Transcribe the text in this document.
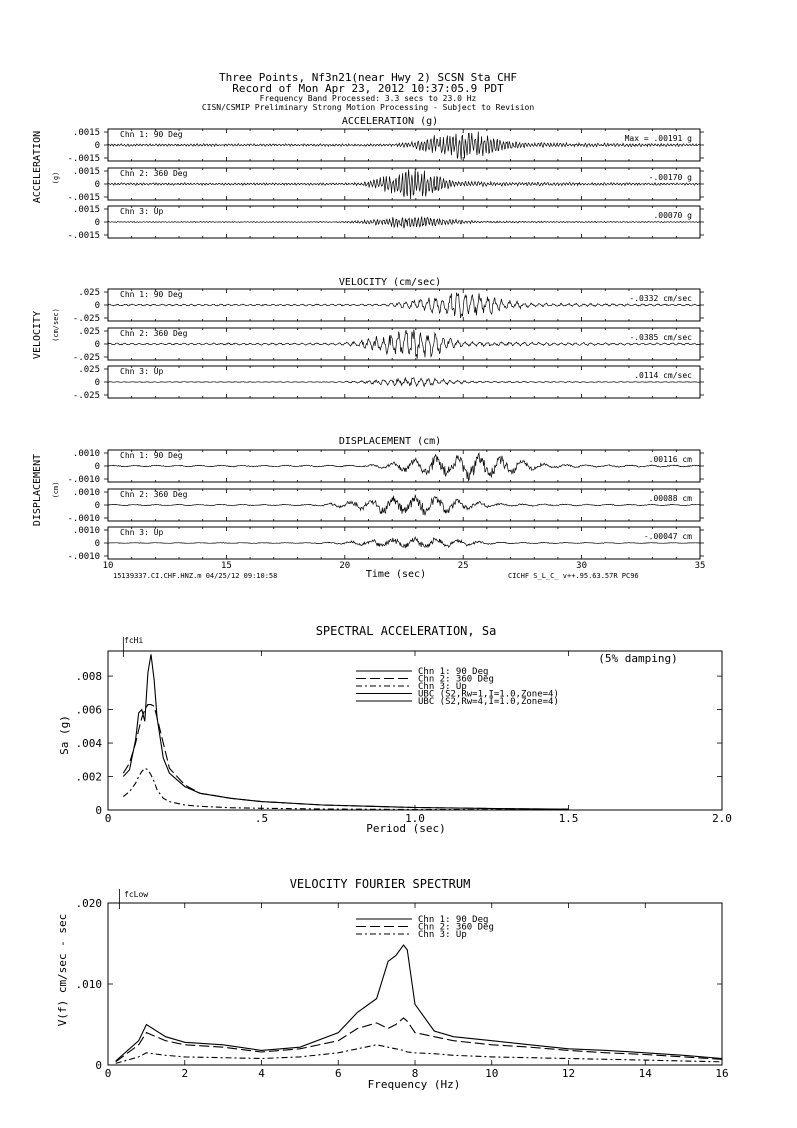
Three Points, Nf3n21(near Hwy 2) SCSN Sta CHF
Record of Mon Apr 23, 2012 10:37:05.9 PDT
Frequency Band Processed: 3.3 secs to 23.0 Hz
CISN/CSMIP Preliminary Strong Motion Processing - Subject to Revision
ACCELERATION (g)
ACCELERATION (g)
.0015
0
-.0015
Chn 1: 90 Deg	Max = .00191 g
.0015
0
-.0015
Chn 2: 360 Deg	-.00170 g
.0015
0
-.0015
Chn 3: Up	.00070 g
VELOCITY (cm/sec)
VELOCITY (cm/sec)
.025
0
-.025
Chn 1: 90 Deg	-.0332 cm/sec
.025
0
-.025
Chn 2: 360 Deg	-.0385 cm/sec
.025
0
-.025
Chn 3: Up	.0114 cm/sec
DISPLACEMENT (cm)
DISPLACEMENT (cm)
Time (sec)
15139337.CI.CHF.HNZ.m 04/25/12 09:10:58	CICHF S_L_C_ v++.95.63.57R PC96
.0010
0
-.0010
Chn 1: 90 Deg	.00116 cm
.0010
0
-.0010
Chn 2: 360 Deg	.00088 cm
.0010
0
-.0010
Chn 3: Up	-.00047 cm
10	15	20	25	30	35
SPECTRAL ACCELERATION, Sa
(5% damping)
Sa (g)
Period (sec)
fcHi
0	.5	1.0	1.5	2.0
0
.002
.004
.006
.008	Chn 1: 90 Deg
Chn 2: 360 Deg
Chn 3: Up
UBC (S2,Rw=1,I=1.0,Zone=4)
UBC (S2,Rw=4,I=1.0,Zone=4)
VELOCITY FOURIER SPECTRUM
V(f) cm/sec - sec
Frequency (Hz)
fcLow
0	2	4	6	8	10	12	14	16
0
.010
.020
Chn 1: 90 Deg
Chn 2: 360 Deg
Chn 3: Up
